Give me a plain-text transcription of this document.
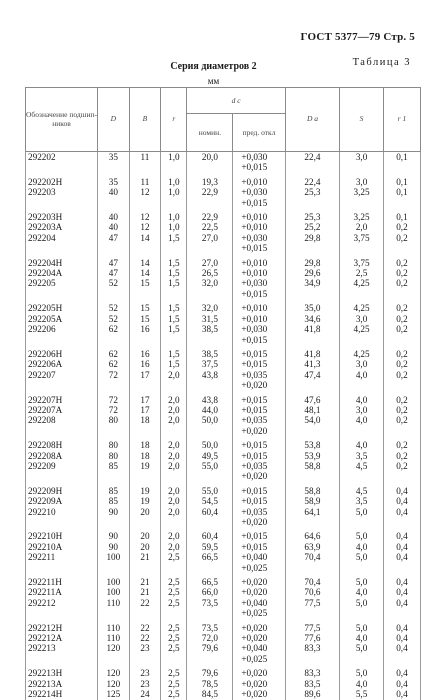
ГОСТ 5377—79 Стр. 5
Таблица 3
Серия диаметров 2
мм
Обозначение подшип-ников	D	B	r	d c		D a	S	r 1
				номин.	пред. откл			
292202	35	11	1,0	20,0	+0,030	22,4	3,0	0,1
					+0,015			

292202Н	35	11	1,0	19,3	+0,010	22,4	3,0	0,1
292203	40	12	1,0	22,9	+0,030	25,3	3,25	0,1
					+0,015			

292203Н	40	12	1,0	22,9	+0,010	25,3	3,25	0,1
292203А	40	12	1,0	22,5	+0,010	25,2	2,0	0,2
292204	47	14	1,5	27,0	+0,030	29,8	3,75	0,2
					+0,015			

292204Н	47	14	1,5	27,0	+0,010	29,8	3,75	0,2
292204А	47	14	1,5	26,5	+0,010	29,6	2,5	0,2
292205	52	15	1,5	32,0	+0,030	34,9	4,25	0,2
					+0,015			

292205Н	52	15	1,5	32,0	+0,010	35,0	4,25	0,2
292205А	52	15	1,5	31,5	+0,010	34,6	3,0	0,2
292206	62	16	1,5	38,5	+0,030	41,8	4,25	0,2
					+0,015			

292206Н	62	16	1,5	38,5	+0,015	41,8	4,25	0,2
292206А	62	16	1,5	37,5	+0,015	41,3	3,0	0,2
292207	72	17	2,0	43,8	+0,035	47,4	4,0	0,2
					+0,020			

292207Н	72	17	2,0	43,8	+0,015	47,6	4,0	0,2
292207А	72	17	2,0	44,0	+0,015	48,1	3,0	0,2
292208	80	18	2,0	50,0	+0,035	54,0	4,0	0,2
					+0,020			

292208Н	80	18	2,0	50,0	+0,015	53,8	4,0	0,2
292208А	80	18	2,0	49,5	+0,015	53,9	3,5	0,2
292209	85	19	2,0	55,0	+0,035	58,8	4,5	0,2
					+0,020			

292209Н	85	19	2,0	55,0	+0,015	58,8	4,5	0,4
292209А	85	19	2,0	54,5	+0,015	58,9	3,5	0,4
292210	90	20	2,0	60,4	+0,035	64,1	5,0	0,4
					+0,020			

292210Н	90	20	2,0	60,4	+0,015	64,6	5,0	0,4
292210А	90	20	2,0	59,5	+0,015	63,9	4,0	0,4
292211	100	21	2,5	66,5	+0,040	70,4	5,0	0,4
					+0,025			

292211Н	100	21	2,5	66,5	+0,020	70,4	5,0	0,4
292211А	100	21	2,5	66,0	+0,020	70,6	4,0	0,4
292212	110	22	2,5	73,5	+0,040	77,5	5,0	0,4
					+0,025			

292212Н	110	22	2,5	73,5	+0,020	77,5	5,0	0,4
292212А	110	22	2,5	72,0	+0,020	77,6	4,0	0,4
292213	120	23	2,5	79,6	+0,040	83,3	5,0	0,4
					+0,025			

292213Н	120	23	2,5	79,6	+0,020	83,3	5,0	0,4
292213А	120	23	2,5	78,5	+0,020	83,5	4,0	0,4
292214Н	125	24	2,5	84,5	+0,020	89,6	5,5	0,4
